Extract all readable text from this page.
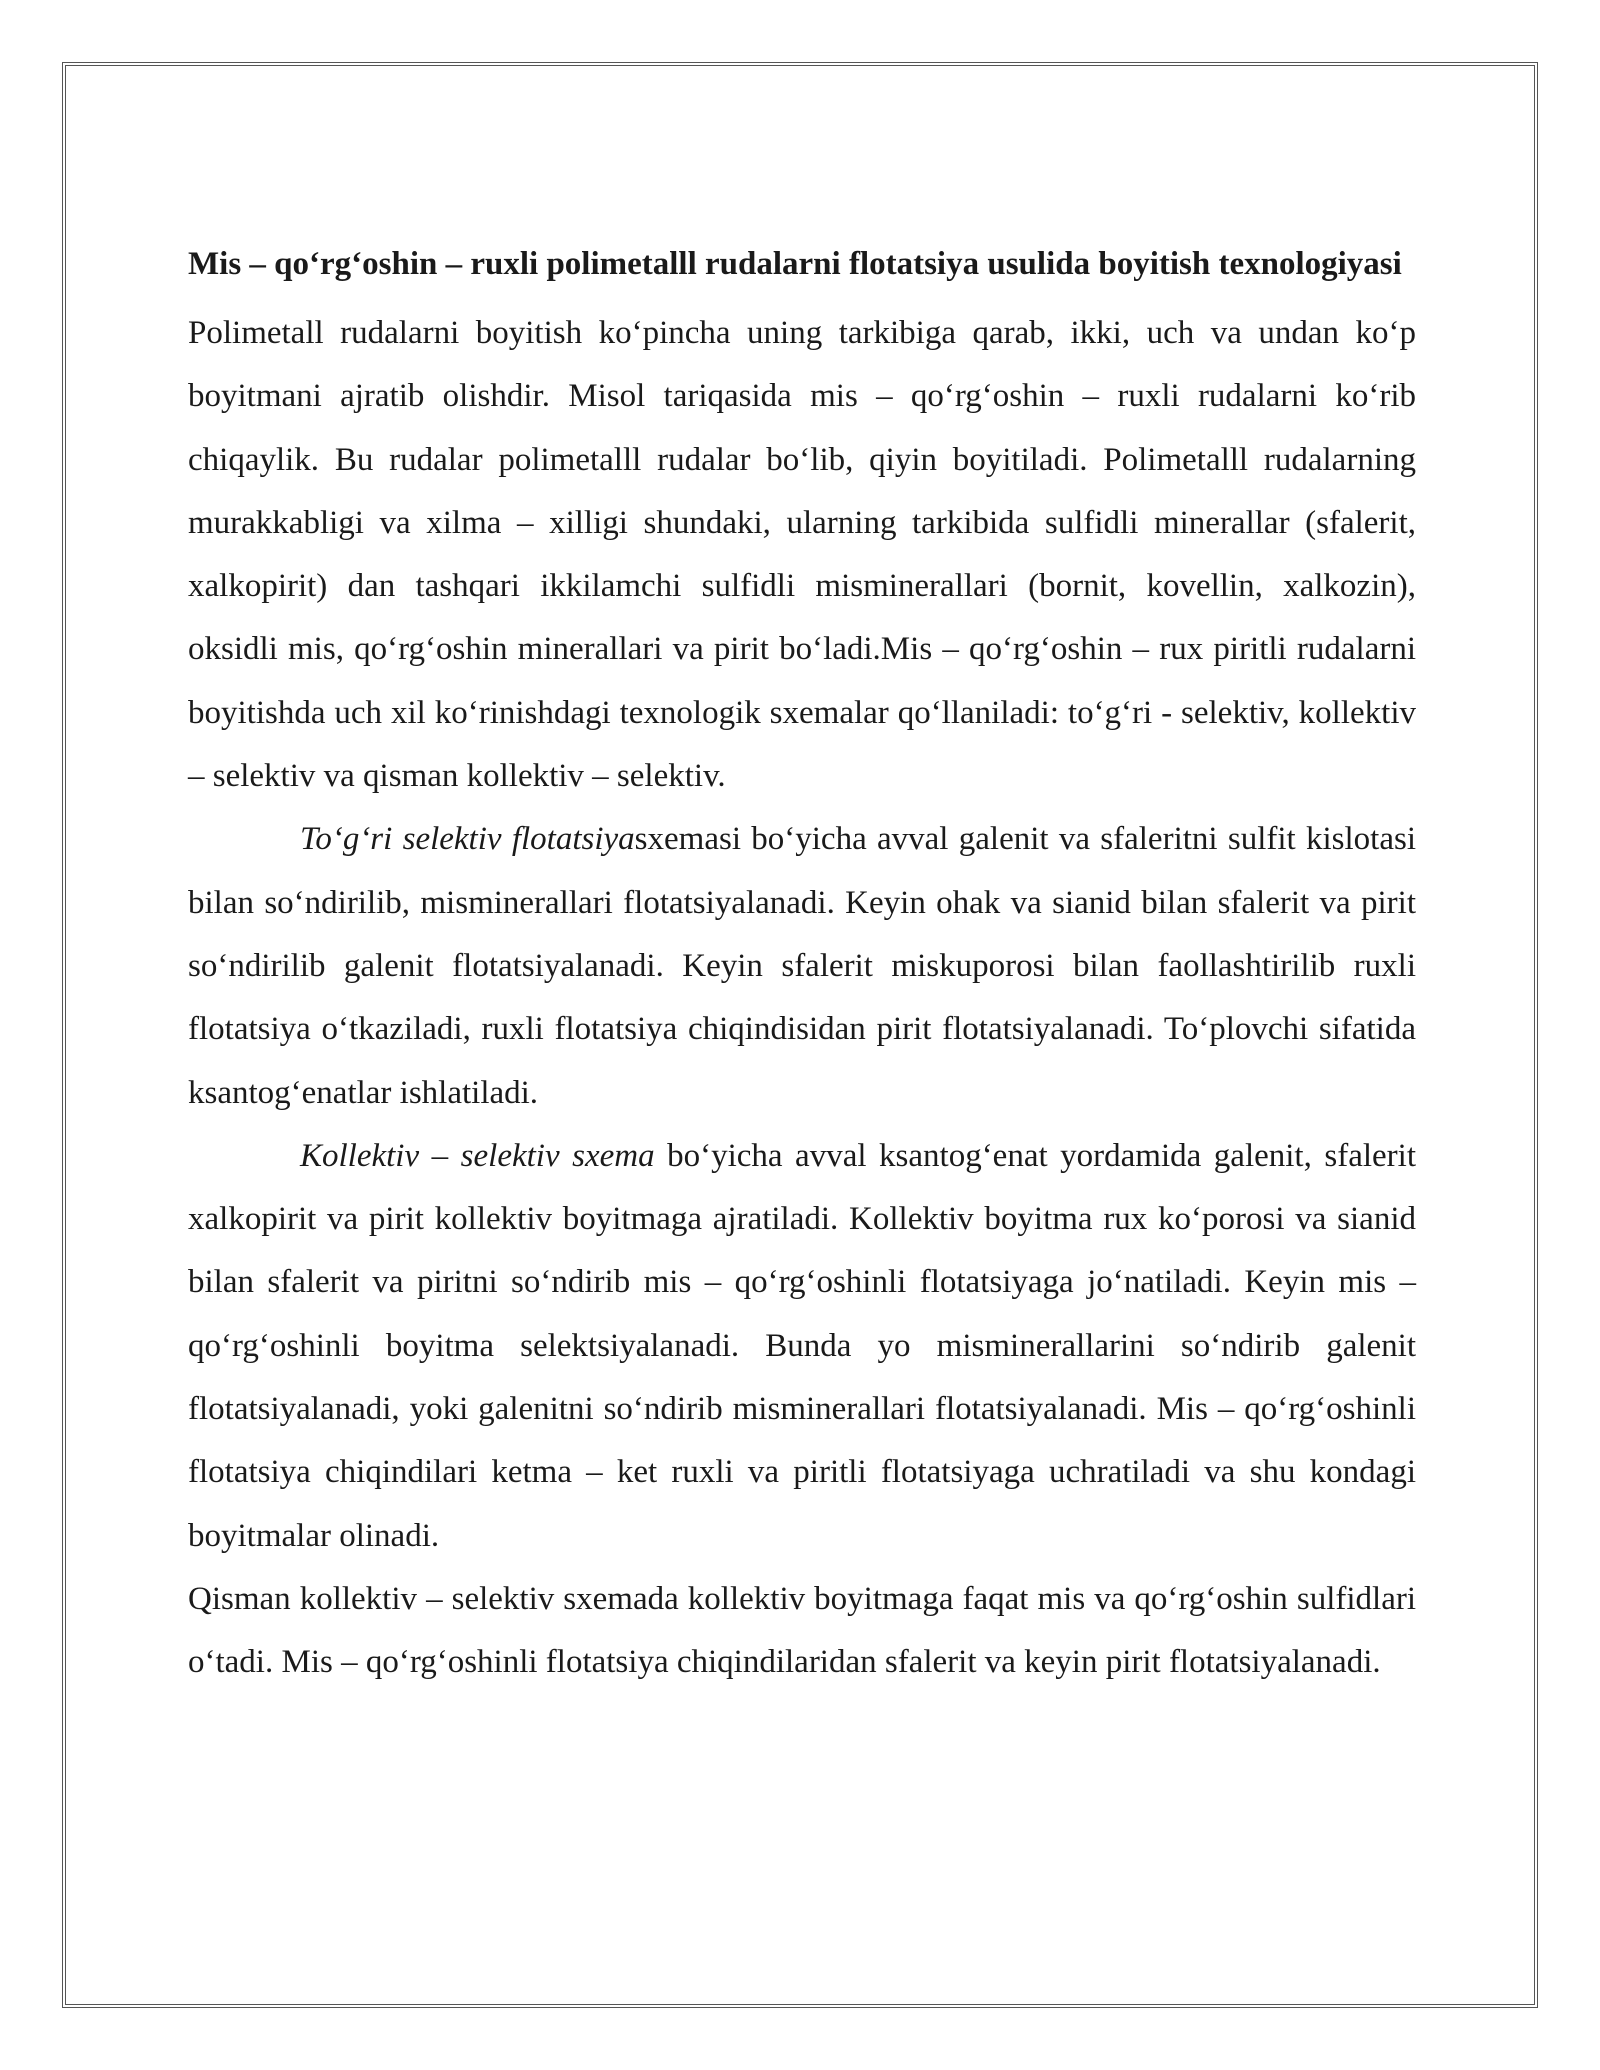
Mis – qo‘rg‘oshin – ruxli polimetalll rudalarni flotatsiya usulida boyitish texnologiyasi

Polimetall rudalarni boyitish ko‘pincha uning tarkibiga qarab, ikki, uch va undan ko‘p boyitmani ajratib olishdir. Misol tariqasida mis – qo‘rg‘oshin – ruxli rudalarni ko‘rib chiqaylik. Bu rudalar polimetalll rudalar bo‘lib, qiyin boyitiladi. Polimetalll rudalarning murakkabligi va xilma – xilligi shundaki, ularning tarkibida sulfidli minerallar (sfalerit, xalkopirit) dan tashqari ikkilamchi sulfidli misminerallari (bornit, kovellin, xalkozin), oksidli mis, qo‘rg‘oshin minerallari va pirit bo‘ladi.Mis – qo‘rg‘oshin – rux piritli rudalarni boyitishda uch xil ko‘rinishdagi texnologik sxemalar qo‘llaniladi: to‘g‘ri - selektiv, kollektiv – selektiv va qisman kollektiv – selektiv.

To‘g‘ri selektiv flotatsiyasxemasi bo‘yicha avval galenit va sfaleritni sulfit kislotasi bilan so‘ndirilib, misminerallari flotatsiyalanadi. Keyin ohak va sianid bilan sfalerit va pirit so‘ndirilib galenit flotatsiyalanadi. Keyin sfalerit miskuporosi bilan faollashtirilib ruxli flotatsiya o‘tkaziladi, ruxli flotatsiya chiqindisidan pirit flotatsiyalanadi. To‘plovchi sifatida ksantog‘enatlar ishlatiladi.

Kollektiv – selektiv sxema bo‘yicha avval ksantog‘enat yordamida galenit, sfalerit xalkopirit va pirit kollektiv boyitmaga ajratiladi. Kollektiv boyitma rux ko‘porosi va sianid bilan sfalerit va piritni so‘ndirib mis – qo‘rg‘oshinli flotatsiyaga jo‘natiladi. Keyin mis – qo‘rg‘oshinli boyitma selektsiyalanadi. Bunda yo misminerallarini so‘ndirib galenit flotatsiyalanadi, yoki galenitni so‘ndirib misminerallari flotatsiyalanadi. Mis – qo‘rg‘oshinli flotatsiya chiqindilari ketma – ket ruxli va piritli flotatsiyaga uchratiladi va shu kondagi boyitmalar olinadi.

Qisman kollektiv – selektiv sxemada kollektiv boyitmaga faqat mis va qo‘rg‘oshin sulfidlari o‘tadi. Mis – qo‘rg‘oshinli flotatsiya chiqindilaridan sfalerit va keyin pirit flotatsiyalanadi.
